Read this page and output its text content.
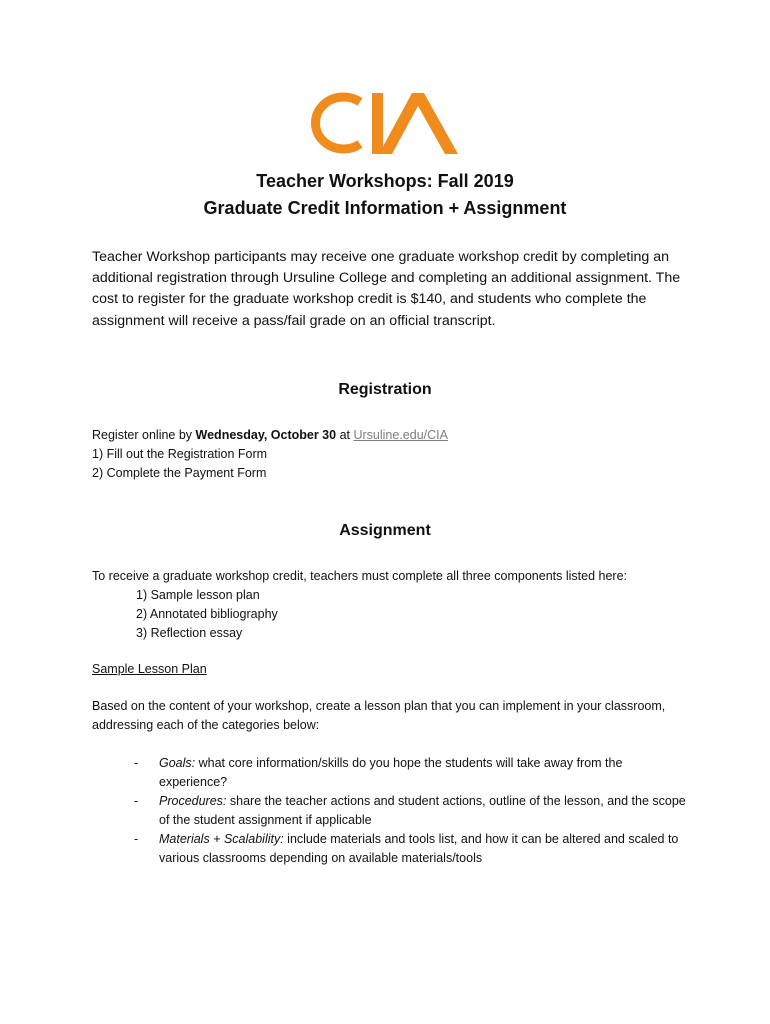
Teacher Workshops: Fall 2019
Graduate Credit Information + Assignment
Teacher Workshop participants may receive one graduate workshop credit by completing an additional registration through Ursuline College and completing an additional assignment. The cost to register for the graduate workshop credit is $140, and students who complete the assignment will receive a pass/fail grade on an official transcript.
Registration
Register online by Wednesday, October 30 at Ursuline.edu/CIA
1) Fill out the Registration Form
2) Complete the Payment Form
Assignment
To receive a graduate workshop credit, teachers must complete all three components listed here:
1) Sample lesson plan
2) Annotated bibliography
3) Reflection essay
Sample Lesson Plan
Based on the content of your workshop, create a lesson plan that you can implement in your classroom, addressing each of the categories below:
- Goals: what core information/skills do you hope the students will take away from the experience?
- Procedures: share the teacher actions and student actions, outline of the lesson, and the scope of the student assignment if applicable
- Materials + Scalability: include materials and tools list, and how it can be altered and scaled to various classrooms depending on available materials/tools
